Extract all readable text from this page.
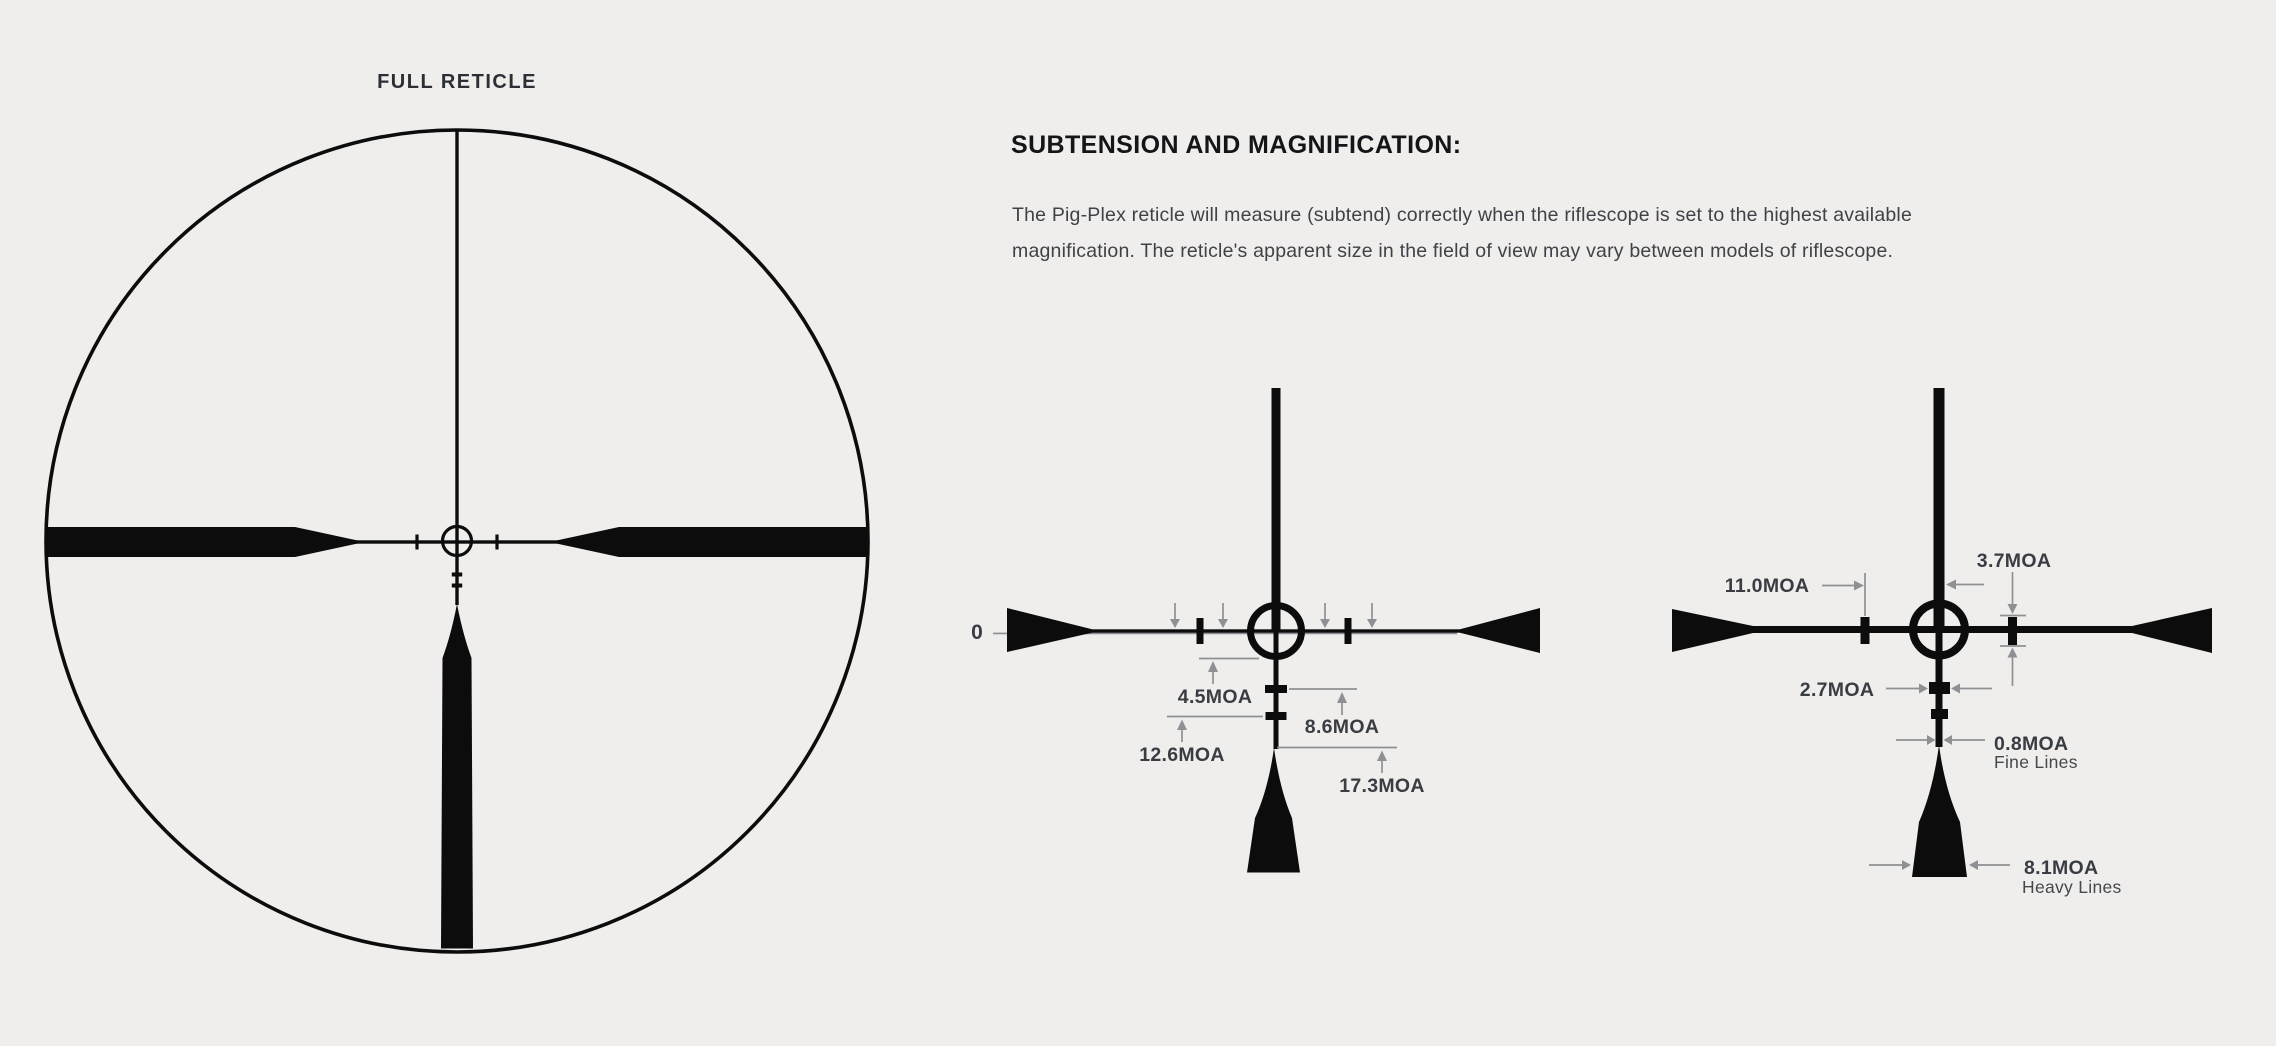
FULL RETICLE
SUBTENSION AND MAGNIFICATION:
The Pig-Plex reticle will measure (subtend) correctly when the riflescope is set to the highest available
magnification. The reticle's apparent size in the field of view may vary between models of riflescope.
0
4.5MOA
8.6MOA
12.6MOA
17.3MOA
11.0MOA
3.7MOA
2.7MOA
0.8MOA
Fine Lines
8.1MOA
Heavy Lines
